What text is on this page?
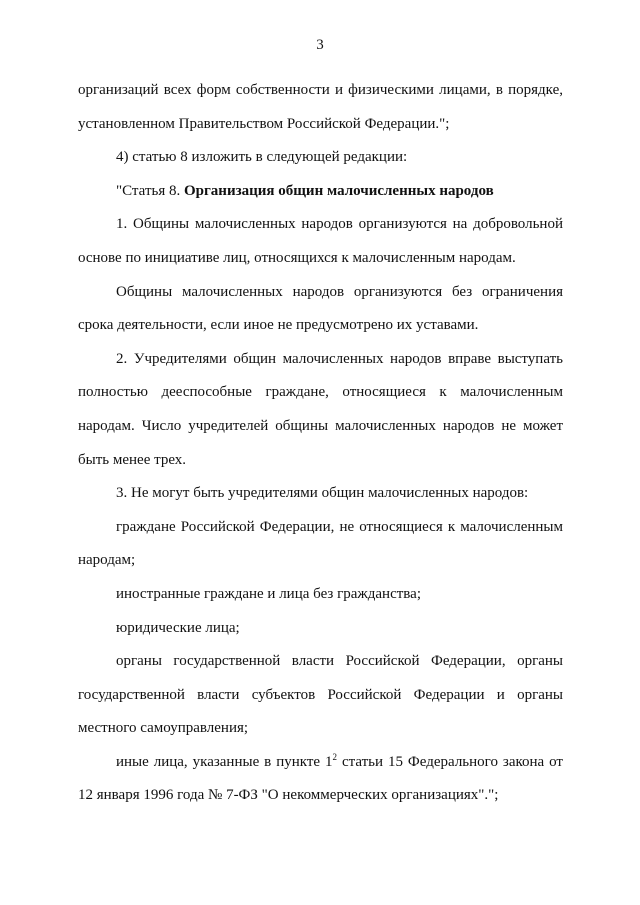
3

организаций всех форм собственности и физическими лицами, в порядке, установленном Правительством Российской Федерации.";

4) статью 8 изложить в следующей редакции:

"Статья 8. Организация общин малочисленных народов

1. Общины малочисленных народов организуются на добровольной основе по инициативе лиц, относящихся к малочисленным народам.

Общины малочисленных народов организуются без ограничения срока деятельности, если иное не предусмотрено их уставами.

2. Учредителями общин малочисленных народов вправе выступать полностью дееспособные граждане, относящиеся к малочисленным народам. Число учредителей общины малочисленных народов не может быть менее трех.

3. Не могут быть учредителями общин малочисленных народов:

граждане Российской Федерации, не относящиеся к малочисленным народам;

иностранные граждане и лица без гражданства;

юридические лица;

органы государственной власти Российской Федерации, органы государственной власти субъектов Российской Федерации и органы местного самоуправления;

иные лица, указанные в пункте $1^2$ статьи 15 Федерального закона от 12 января 1996 года № 7-ФЗ "О некоммерческих организациях".";
